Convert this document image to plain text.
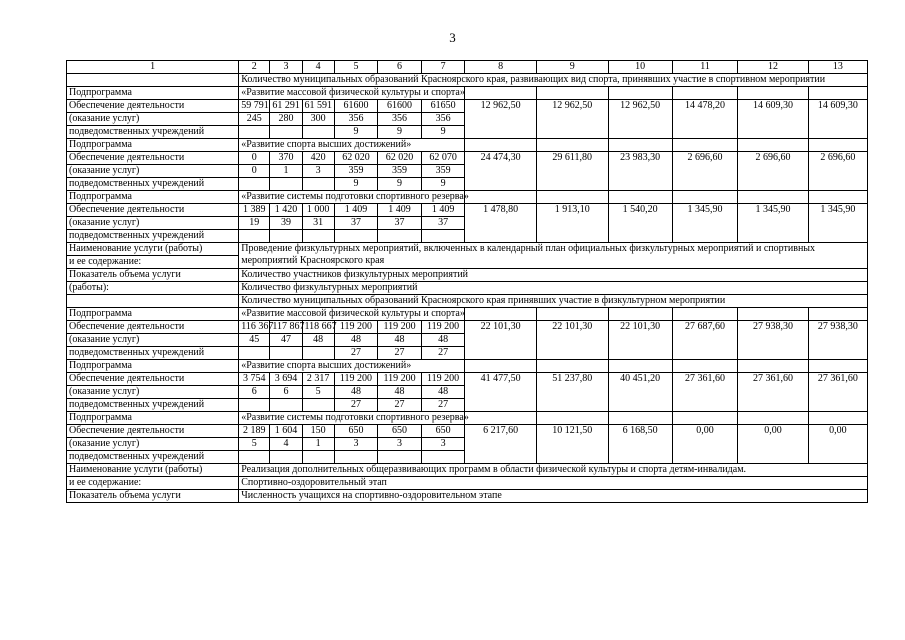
3
1	2	3	4	5	6	7	8	9	10	11	12	13
	Количество муниципальных образований Красноярского края, развивающих вид спорта, принявших участие в спортивном мероприятии											
Подпрограмма	«Развитие массовой физической культуры и спорта»											
Обеспечение деятельности	59 791	61 291	61 591	61600	61600	61650	12 962,50	12 962,50	12 962,50	14 478,20	14 609,30	14 609,30
(оказание услуг)	245	280	300	356	356	356						
подведомственных учреждений				9	9	9						
Подпрограмма	«Развитие спорта высших достижений»											
Обеспечение деятельности	0	370	420	62 020	62 020	62 070	24 474,30	29 611,80	23 983,30	2 696,60	2 696,60	2 696,60
(оказание услуг)	0	1	3	359	359	359						
подведомственных учреждений				9	9	9						
Подпрограмма	«Развитие системы подготовки спортивного резерва»											
Обеспечение деятельности	1 389	1 420	1 000	1 409	1 409	1 409	1 478,80	1 913,10	1 540,20	1 345,90	1 345,90	1 345,90
(оказание услуг)	19	39	31	37	37	37						
подведомственных учреждений												
Наименование услуги (работы)	Проведение физкультурных мероприятий, включенных в календарный план официальных физкультурных мероприятий и спортивных мероприятий Красноярского края											
и ее содержание:												
Показатель объема услуги	Количество участников физкультурных мероприятий											
(работы):	Количество физкультурных мероприятий											
	Количество муниципальных образований Красноярского края принявших участие в физкультурном мероприятии											
Подпрограмма	«Развитие массовой физической культуры и спорта»											
Обеспечение деятельности	116 367	117 867	118 667	119 200	119 200	119 200	22 101,30	22 101,30	22 101,30	27 687,60	27 938,30	27 938,30
(оказание услуг)	45	47	48	48	48	48						
подведомственных учреждений				27	27	27						
Подпрограмма	«Развитие спорта высших достижений»											
Обеспечение деятельности	3 754	3 694	2 317	119 200	119 200	119 200	41 477,50	51 237,80	40 451,20	27 361,60	27 361,60	27 361,60
(оказание услуг)	6	6	5	48	48	48						
подведомственных учреждений				27	27	27						
Подпрограмма	«Развитие системы подготовки спортивного резерва»											
Обеспечение деятельности	2 189	1 604	150	650	650	650	6 217,60	10 121,50	6 168,50	0,00	0,00	0,00
(оказание услуг)	5	4	1	3	3	3						
подведомственных учреждений												
Наименование услуги (работы)	Реализация дополнительных общеразвивающих программ в области физической культуры и спорта детям-инвалидам.											
и ее содержание:	Спортивно-оздоровительный этап											
Показатель объема услуги	Численность учащихся на спортивно-оздоровительном этапе											
